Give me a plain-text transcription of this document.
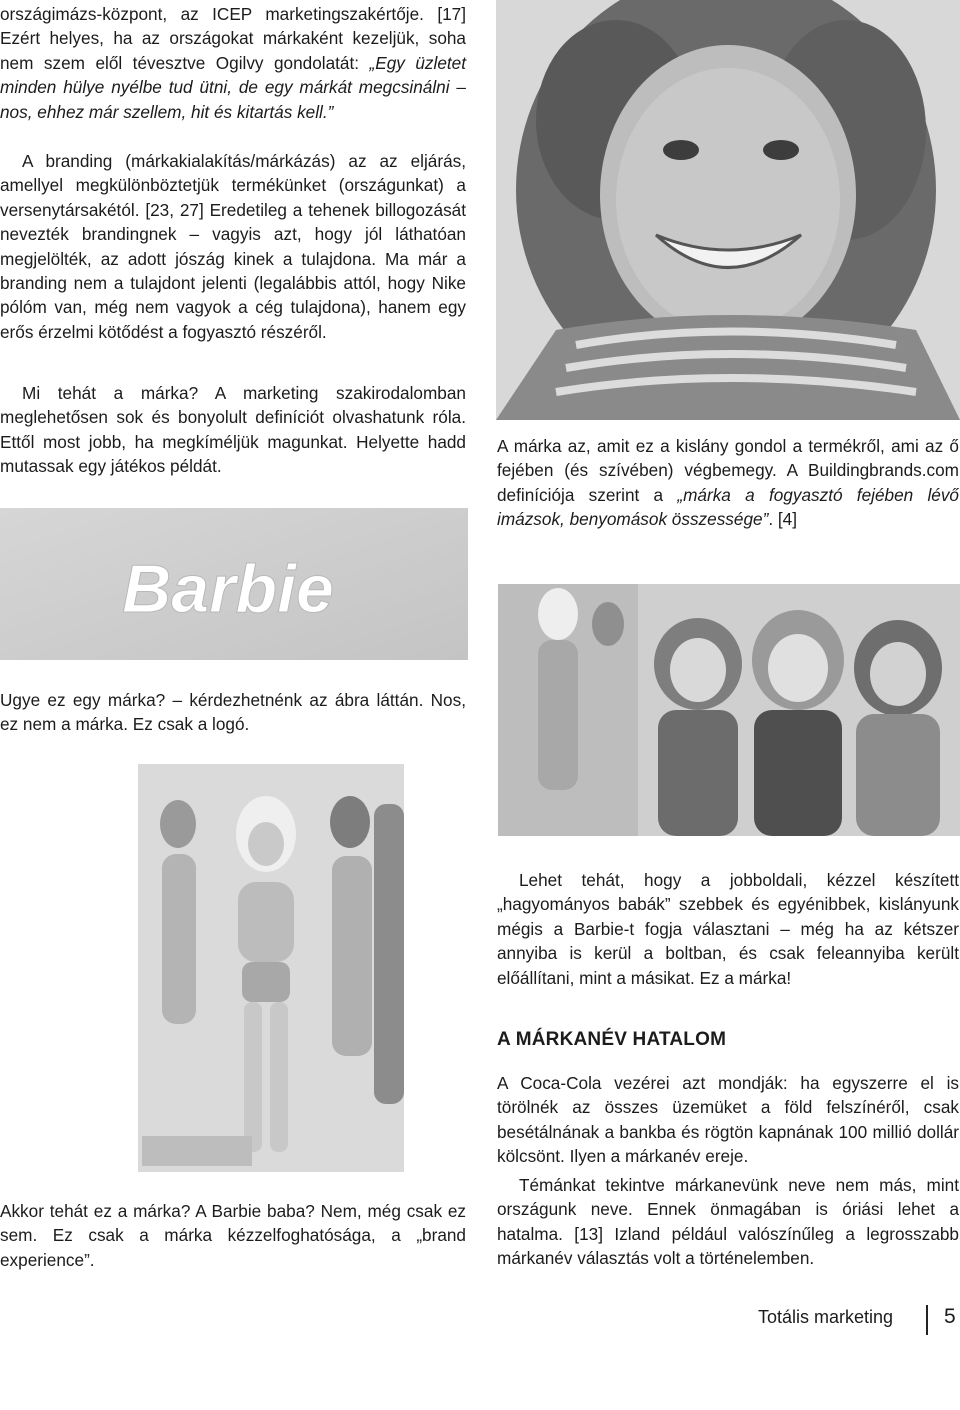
országimázs-központ, az ICEP marketingszakértője. [17] Ezért helyes, ha az országokat márkaként kezeljük, soha nem szem elől tévesztve Ogilvy gondolatát: „Egy üzletet minden hülye nyélbe tud ütni, de egy márkát megcsinálni – nos, ehhez már szellem, hit és kitartás kell.”

A branding (márkakialakítás/márkázás) az az eljárás, amellyel megkülönböztetjük termékünket (országunkat) a versenytársakétól. [23, 27] Eredetileg a tehenek billogozását nevezték brandingnek – vagyis azt, hogy jól láthatóan megjelölték, az adott jószág kinek a tulajdona. Ma már a branding nem a tulajdont jelenti (legalábbis attól, hogy Nike pólóm van, még nem vagyok a cég tulajdona), hanem egy erős érzelmi kötődést a fogyasztó részéről.

Mi tehát a márka? A marketing szakirodalomban meglehetősen sok és bonyolult definíciót olvashatunk róla. Ettől most jobb, ha megkíméljük magunkat. Helyette hadd mutassak egy játékos példát.

Barbie

Ugye ez egy márka? – kérdezhetnénk az ábra láttán. Nos, ez nem a márka. Ez csak a logó.

Akkor tehát ez a márka? A Barbie baba? Nem, még csak ez sem. Ez csak a márka kézzelfoghatósága, a „brand experience”.

A márka az, amit ez a kislány gondol a termékről, ami az ő fejében (és szívében) végbemegy. A Buildingbrands.com definíciója szerint a „márka a fogyasztó fejében lévő imázsok, benyomások összessége”. [4]

Lehet tehát, hogy a jobboldali, kézzel készített „hagyományos babák” szebbek és egyénibbek, kislányunk mégis a Barbie-t fogja választani – még ha az kétszer annyiba is kerül a boltban, és csak feleannyiba került előállítani, mint a másikat. Ez a márka!

A MÁRKANÉV HATALOM

A Coca-Cola vezérei azt mondják: ha egyszerre el is törölnék az összes üzemüket a föld felszínéről, csak besétálnának a bankba és rögtön kapnának 100 millió dollár kölcsönt. Ilyen a márkanév ereje.

Témánkat tekintve márkanevünk neve nem más, mint országunk neve. Ennek önmagában is óriási lehet a hatalma. [13] Izland például valószínűleg a legrosszabb márkanév választás volt a történelemben.

Totális marketing 5
